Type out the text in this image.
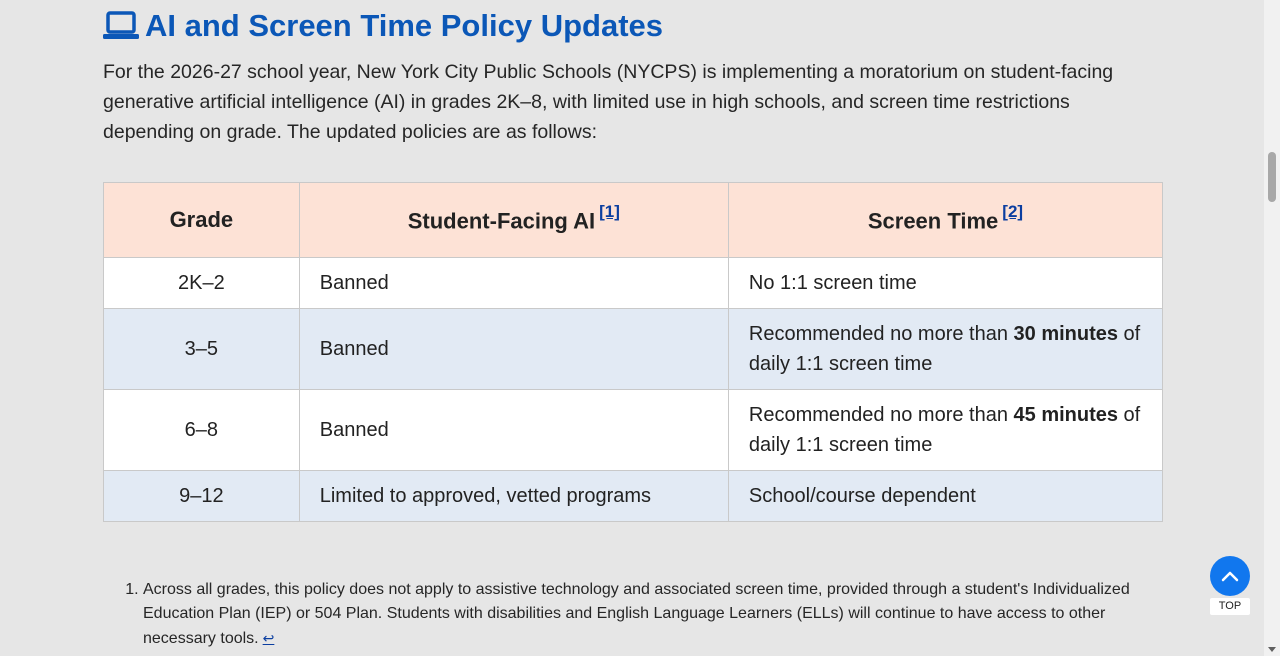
AI and Screen Time Policy Updates

For the 2026-27 school year, New York City Public Schools (NYCPS) is implementing a moratorium on student-facing generative artificial intelligence (AI) in grades 2K–8, with limited use in high schools, and screen time restrictions depending on grade. The updated policies are as follows:

Grade	Student-Facing AI [1]	Screen Time [2]
2K–2	Banned	No 1:1 screen time
3–5	Banned	Recommended no more than 30 minutes of daily 1:1 screen time
6–8	Banned	Recommended no more than 45 minutes of daily 1:1 screen time
9–12	Limited to approved, vetted programs	School/course dependent
1. Across all grades, this policy does not apply to assistive technology and associated screen time, provided through a student's Individualized Education Plan (IEP) or 504 Plan. Students with disabilities and English Language Learners (ELLs) will continue to have access to other necessary tools. ↩
TOP
